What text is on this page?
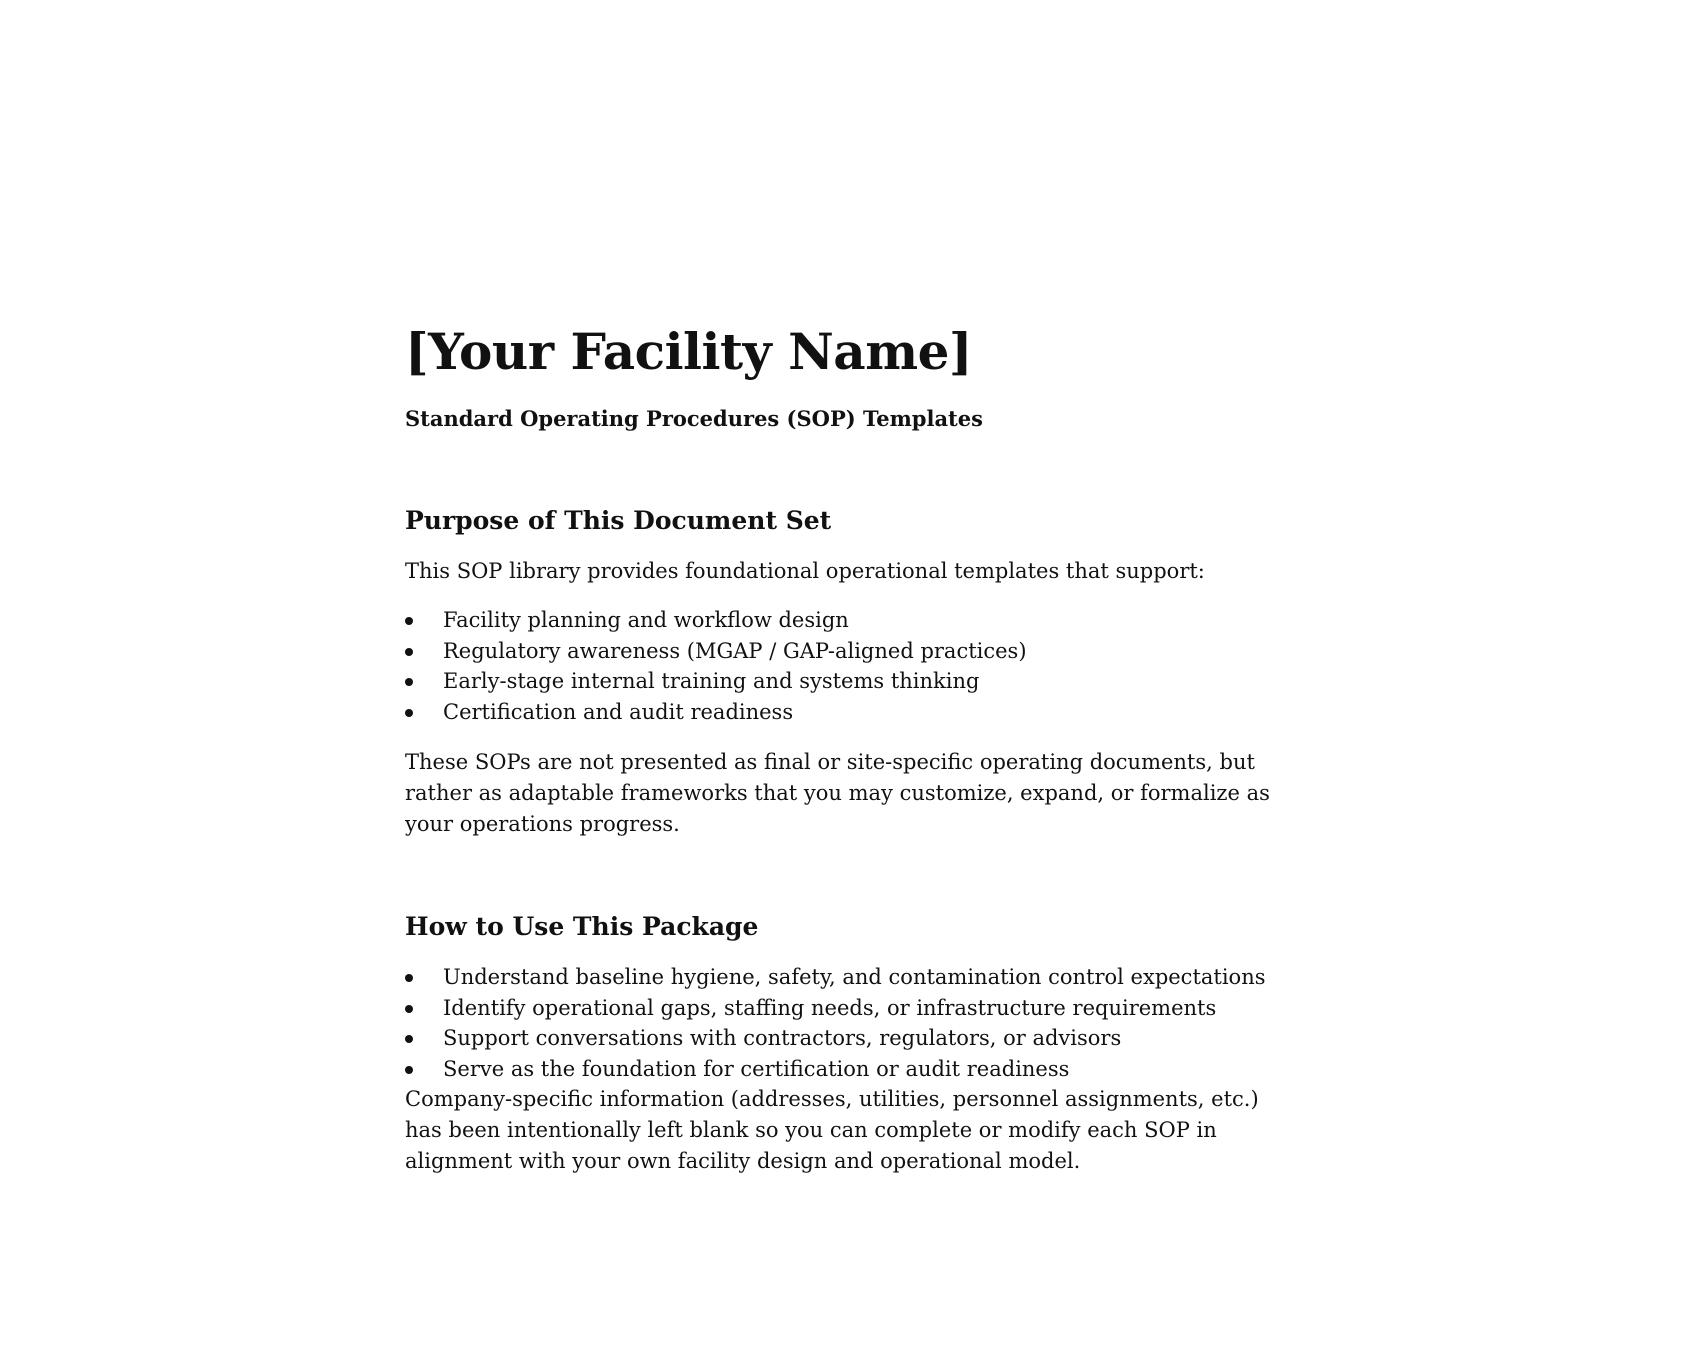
[Your Facility Name]
Standard Operating Procedures (SOP) Templates
Purpose of This Document Set

This SOP library provides foundational operational templates that support:

Facility planning and workflow design
Regulatory awareness (MGAP / GAP-aligned practices)
Early-stage internal training and systems thinking
Certification and audit readiness

These SOPs are not presented as final or site-specific operating documents, but rather as adaptable frameworks that you may customize, expand, or formalize as your operations progress.

How to Use This Package
Understand baseline hygiene, safety, and contamination control expectations
Identify operational gaps, staffing needs, or infrastructure requirements
Support conversations with contractors, regulators, or advisors
Serve as the foundation for certification or audit readiness

Company-specific information (addresses, utilities, personnel assignments, etc.) has been intentionally left blank so you can complete or modify each SOP in alignment with your own facility design and operational model.
